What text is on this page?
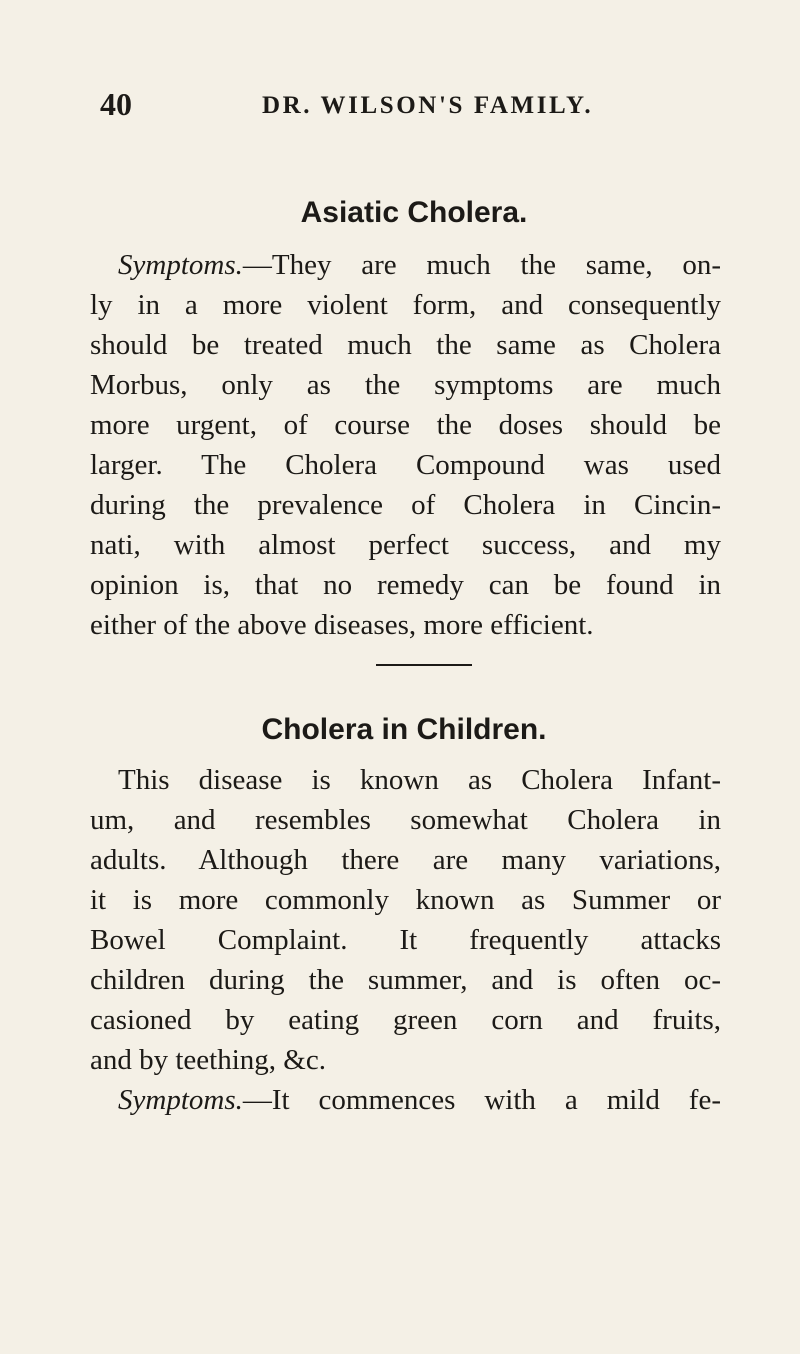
40	DR. WILSON'S FAMILY.
Asiatic Cholera.
Symptoms.—They are much the same, on-
ly in a more violent form, and consequently
should be treated much the same as Cholera
Morbus, only as the symptoms are much
more urgent, of course the doses should be
larger. The Cholera Compound was used
during the prevalence of Cholera in Cincin-
nati, with almost perfect success, and my
opinion is, that no remedy can be found in
either of the above diseases, more efficient.
Cholera in Children.
This disease is known as Cholera Infant-
um, and resembles somewhat Cholera in
adults. Although there are many variations,
it is more commonly known as Summer or
Bowel Complaint. It frequently attacks
children during the summer, and is often oc-
casioned by eating green corn and fruits,
and by teething, &c.
Symptoms.—It commences with a mild fe-
